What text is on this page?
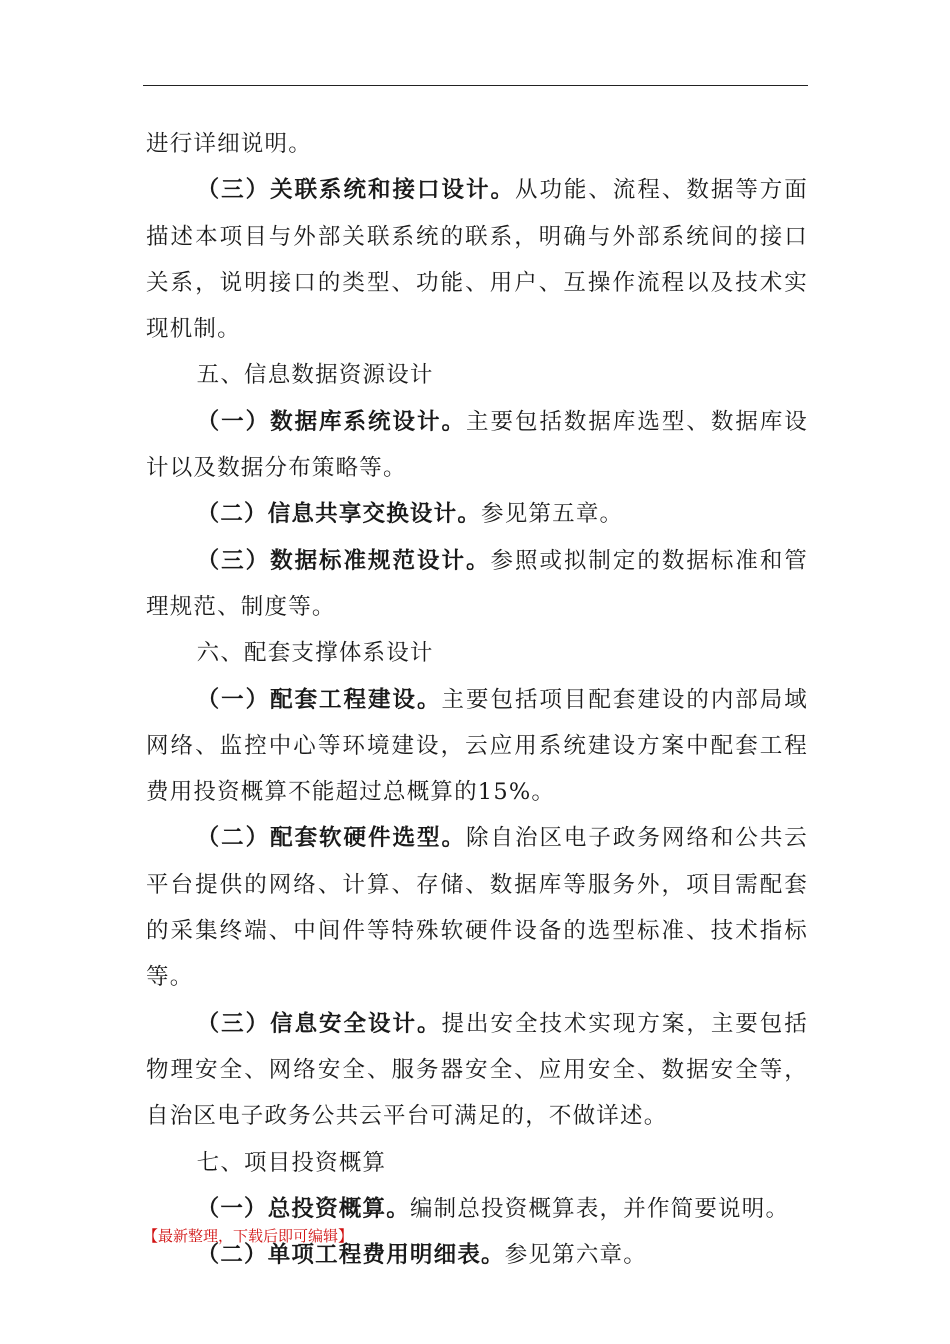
进行详细说明。

（三）关联系统和接口设计。从功能、流程、数据等方面描述本项目与外部关联系统的联系，明确与外部系统间的接口关系，说明接口的类型、功能、用户、互操作流程以及技术实现机制。

五、信息数据资源设计

（一）数据库系统设计。主要包括数据库选型、数据库设计以及数据分布策略等。

（二）信息共享交换设计。参见第五章。

（三）数据标准规范设计。参照或拟制定的数据标准和管理规范、制度等。

六、配套支撑体系设计

（一）配套工程建设。主要包括项目配套建设的内部局域网络、监控中心等环境建设，云应用系统建设方案中配套工程费用投资概算不能超过总概算的15%。

（二）配套软硬件选型。除自治区电子政务网络和公共云平台提供的网络、计算、存储、数据库等服务外，项目需配套的采集终端、中间件等特殊软硬件设备的选型标准、技术指标等。

（三）信息安全设计。提出安全技术实现方案，主要包括物理安全、网络安全、服务器安全、应用安全、数据安全等，自治区电子政务公共云平台可满足的，不做详述。

七、项目投资概算

（一）总投资概算。编制总投资概算表，并作简要说明。

（二）单项工程费用明细表。参见第六章。

【最新整理，下载后即可编辑】
